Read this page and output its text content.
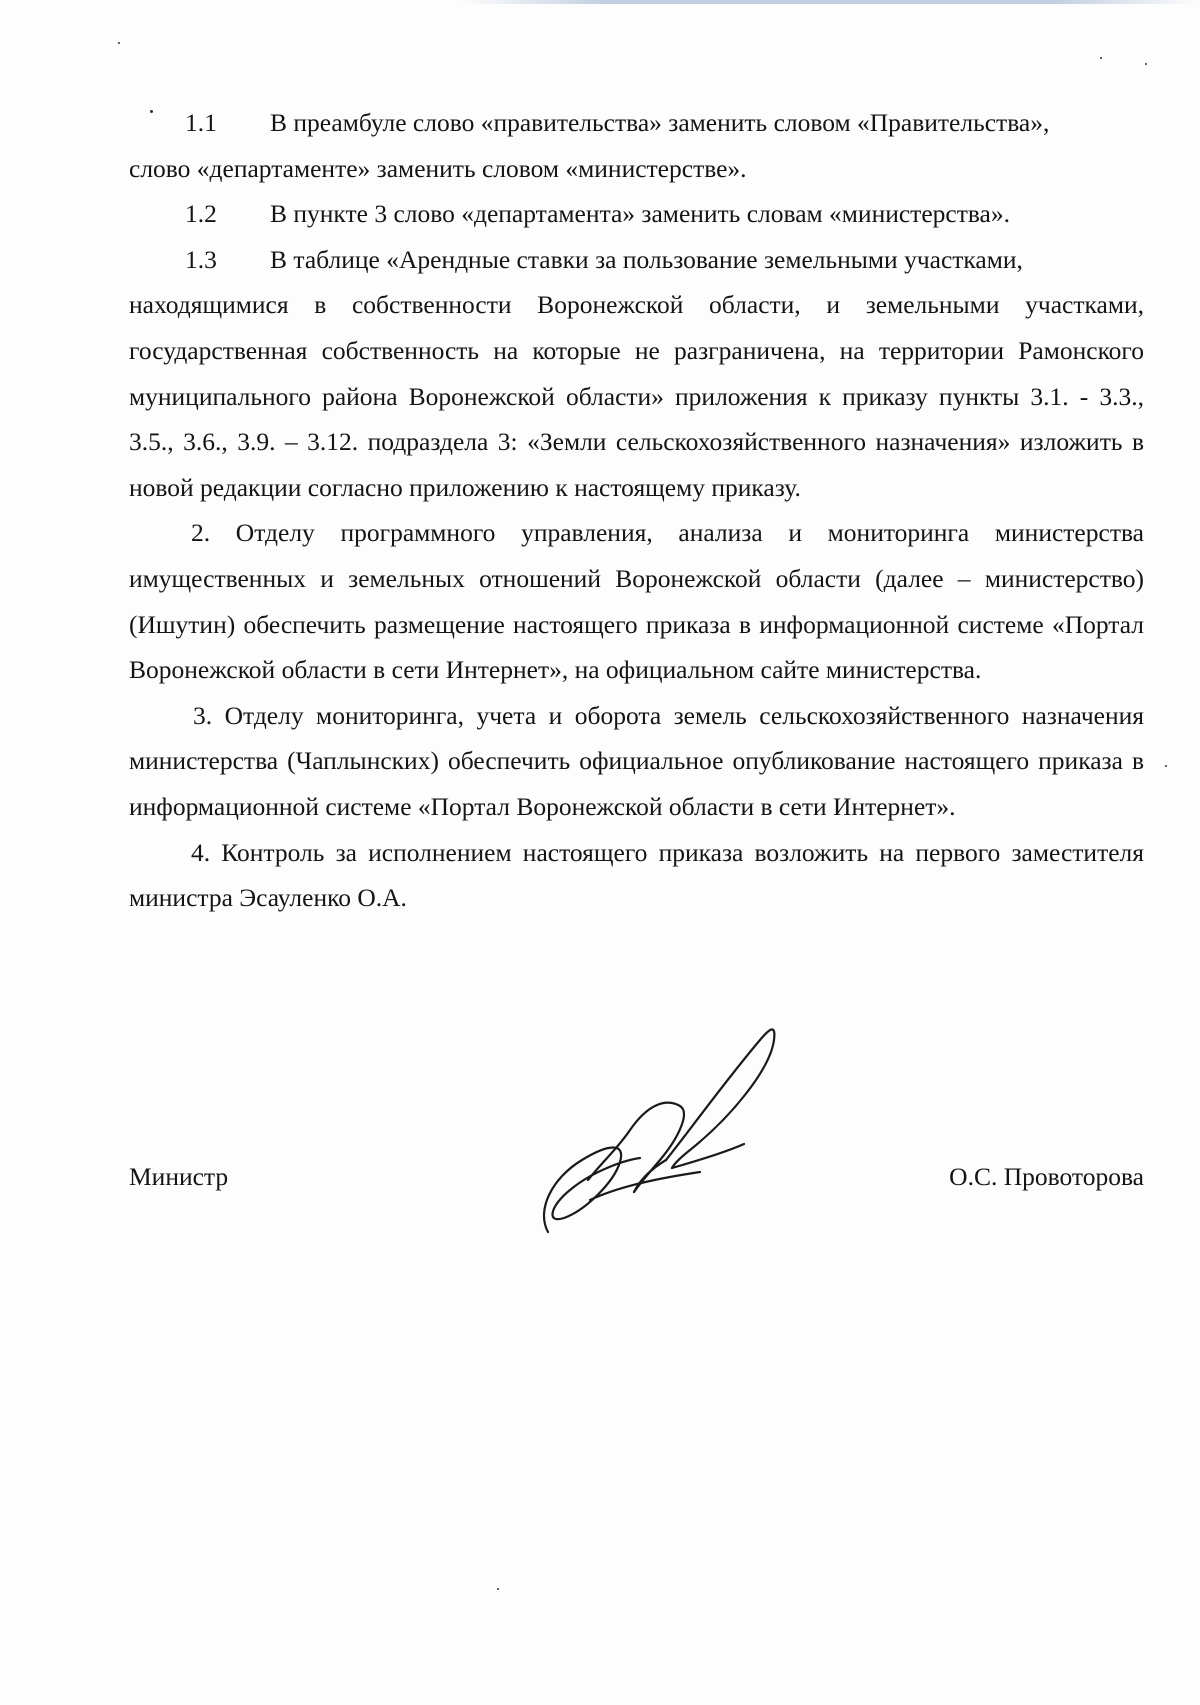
1.1 В преамбуле слово «правительства» заменить словом «Правительства»,
слово «департаменте» заменить словом «министерстве».

1.2 В пункте 3 слово «департамента» заменить словам «министерства».

1.3 В таблице «Арендные ставки за пользование земельными участками,
находящимися в собственности Воронежской области, и земельными участками, государственная собственность на которые не разграничена, на территории Рамонского муниципального района Воронежской области» приложения к приказу пункты 3.1. - 3.3., 3.5., 3.6., 3.9. – 3.12. подраздела 3: «Земли сельскохозяйственного назначения» изложить в новой редакции согласно приложению к настоящему приказу.

2. Отделу программного управления, анализа и мониторинга министерства имущественных и земельных отношений Воронежской области (далее – министерство) (Ишутин) обеспечить размещение настоящего приказа в информационной системе «Портал Воронежской области в сети Интернет», на официальном сайте министерства.

3. Отделу мониторинга, учета и оборота земель сельскохозяйственного назначения министерства (Чаплынских) обеспечить официальное опубликование настоящего приказа в информационной системе «Портал Воронежской области в сети Интернет».

4. Контроль за исполнением настоящего приказа возложить на первого заместителя министра Эсауленко О.А.

Министр	О.С. Провоторова
